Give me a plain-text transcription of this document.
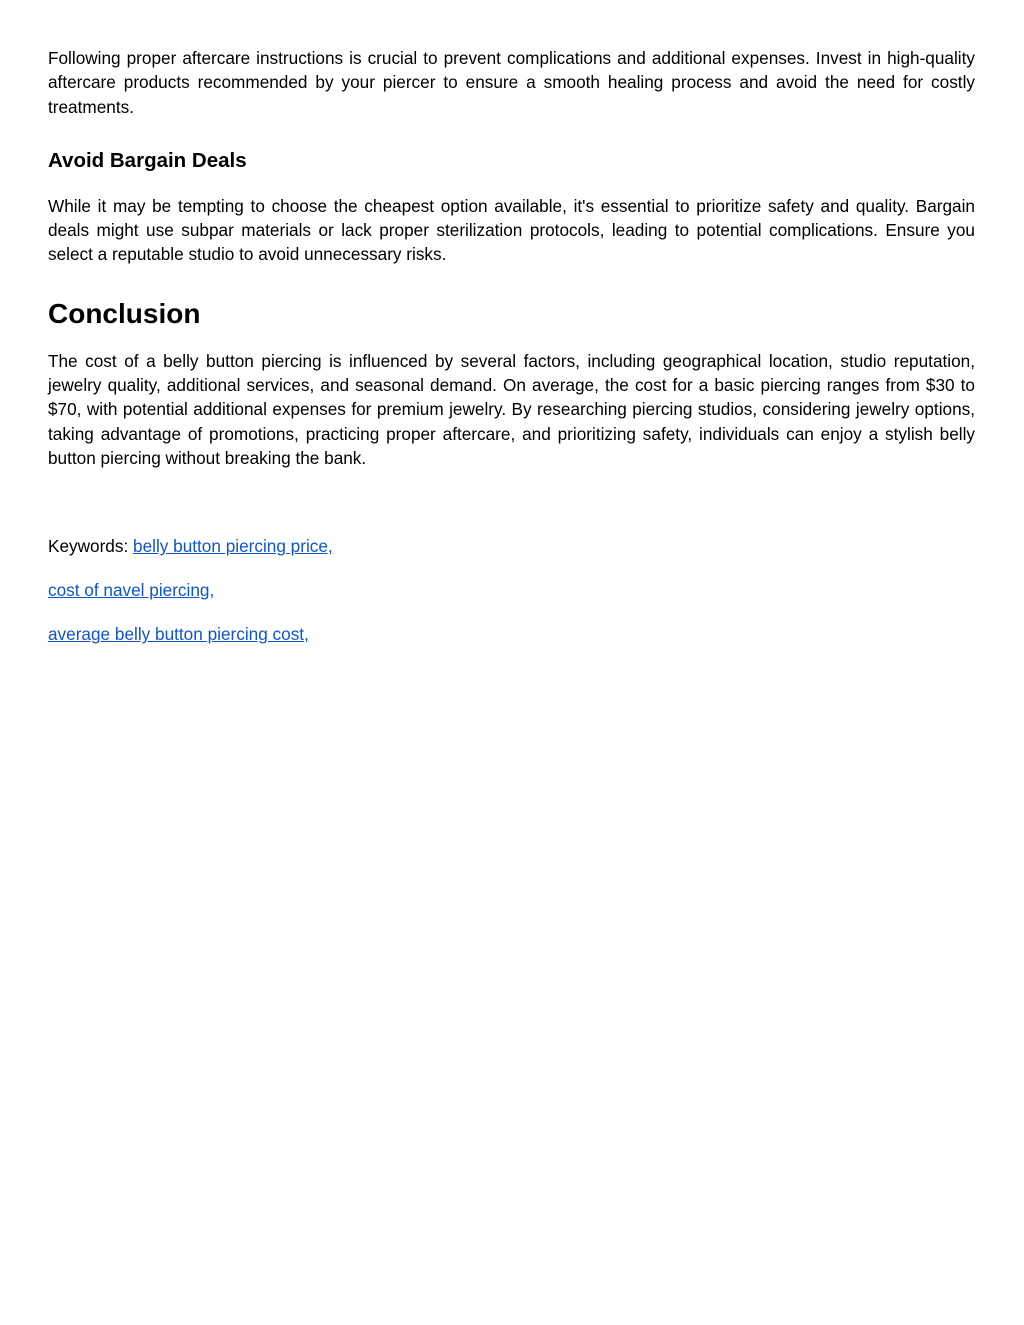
Following proper aftercare instructions is crucial to prevent complications and additional expenses. Invest in high-quality aftercare products recommended by your piercer to ensure a smooth healing process and avoid the need for costly treatments.

Avoid Bargain Deals

While it may be tempting to choose the cheapest option available, it's essential to prioritize safety and quality. Bargain deals might use subpar materials or lack proper sterilization protocols, leading to potential complications. Ensure you select a reputable studio to avoid unnecessary risks.

Conclusion

The cost of a belly button piercing is influenced by several factors, including geographical location, studio reputation, jewelry quality, additional services, and seasonal demand. On average, the cost for a basic piercing ranges from $30 to $70, with potential additional expenses for premium jewelry. By researching piercing studios, considering jewelry options, taking advantage of promotions, practicing proper aftercare, and prioritizing safety, individuals can enjoy a stylish belly button piercing without breaking the bank.

Keywords: belly button piercing price,
cost of navel piercing,
average belly button piercing cost,
